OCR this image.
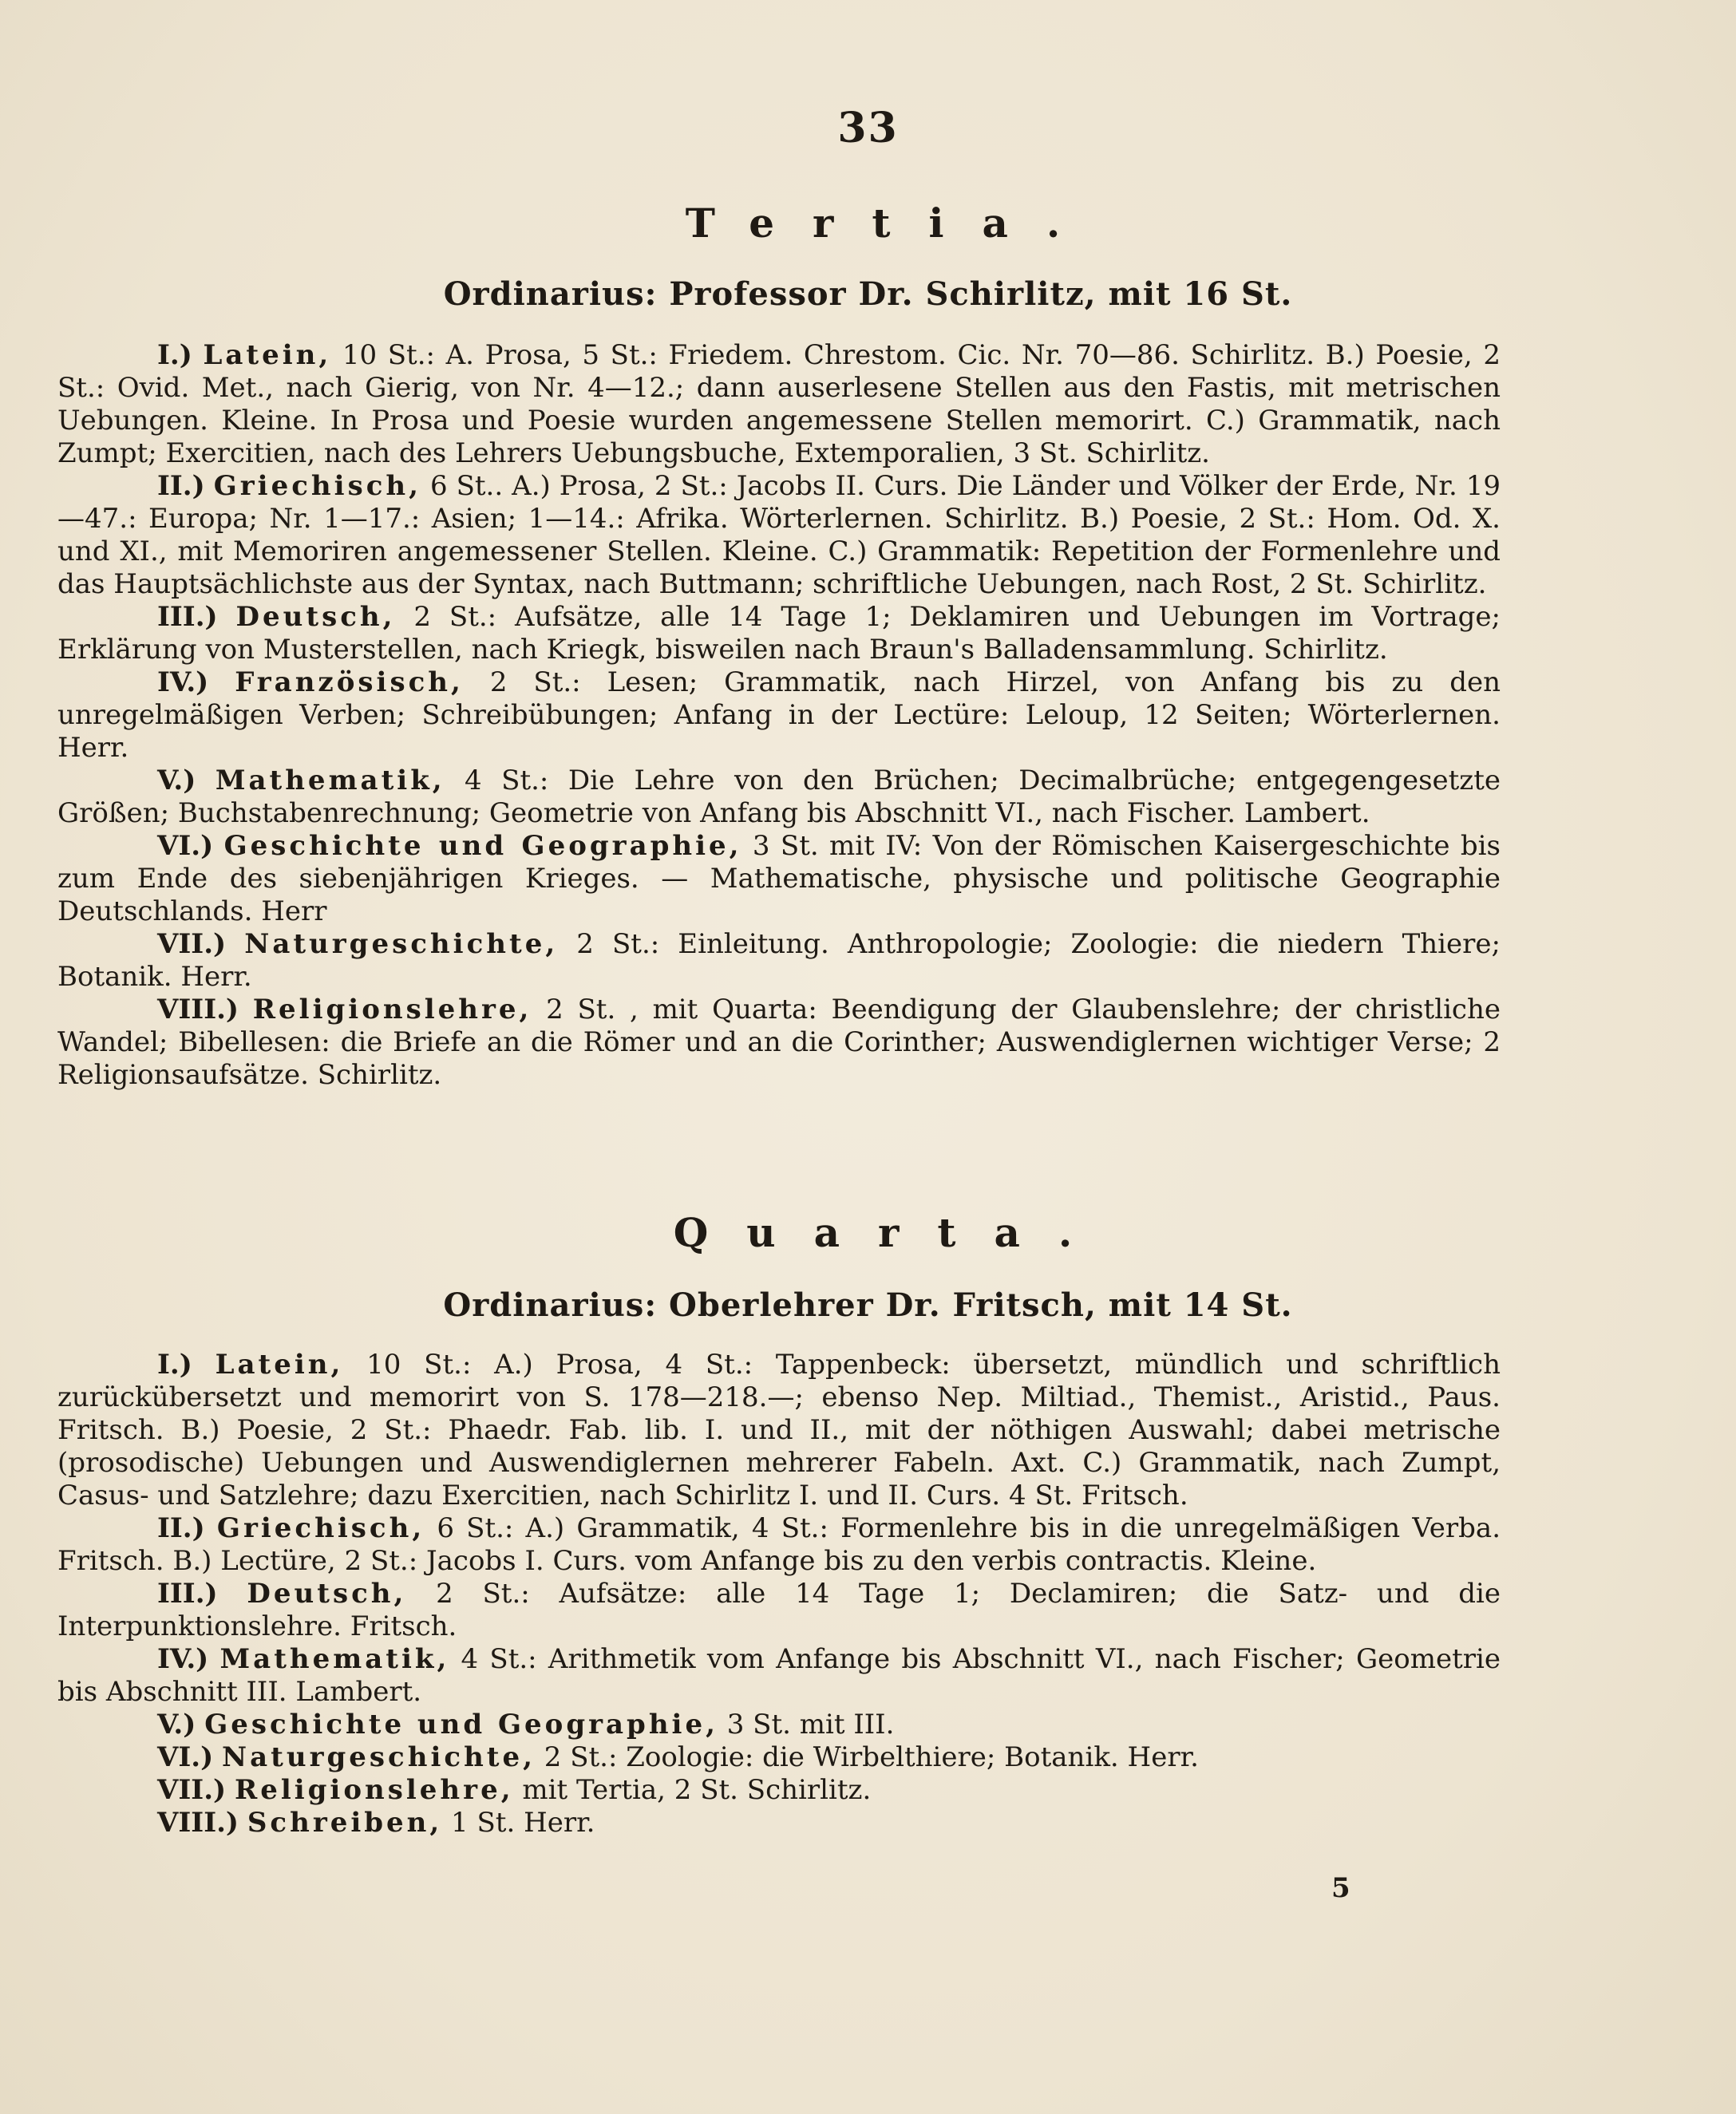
33
Tertia.
Ordinarius: Professor Dr. Schirlitz, mit 16 St.

I.) Latein, 10 St.: A. Prosa, 5 St.: Friedem. Chrestom. Cic. Nr. 70—86. Schirlitz. B.) Poesie, 2 St.: Ovid. Met., nach Gierig, von Nr. 4—12.; dann auserlesene Stellen aus den Fastis, mit metrischen Uebungen. Kleine. In Prosa und Poesie wurden angemessene Stellen memorirt. C.) Grammatik, nach Zumpt; Exercitien, nach des Lehrers Uebungsbuche, Extemporalien, 3 St. Schirlitz.

II.) Griechisch, 6 St.. A.) Prosa, 2 St.: Jacobs II. Curs. Die Länder und Völker der Erde, Nr. 19—47.: Europa; Nr. 1—17.: Asien; 1—14.: Afrika. Wörterlernen. Schirlitz. B.) Poesie, 2 St.: Hom. Od. X. und XI., mit Memoriren angemessener Stellen. Kleine. C.) Grammatik: Repetition der Formenlehre und das Hauptsächlichste aus der Syntax, nach Buttmann; schriftliche Uebungen, nach Rost, 2 St. Schirlitz.

III.) Deutsch, 2 St.: Aufsätze, alle 14 Tage 1; Deklamiren und Uebungen im Vortrage; Erklärung von Musterstellen, nach Kriegk, bisweilen nach Braun's Balladensammlung. Schirlitz.

IV.) Französisch, 2 St.: Lesen; Grammatik, nach Hirzel, von Anfang bis zu den unregelmäßigen Verben; Schreibübungen; Anfang in der Lectüre: Leloup, 12 Seiten; Wörterlernen. Herr.

V.) Mathematik, 4 St.: Die Lehre von den Brüchen; Decimalbrüche; entgegengesetzte Größen; Buchstabenrechnung; Geometrie von Anfang bis Abschnitt VI., nach Fischer. Lambert.

VI.) Geschichte und Geographie, 3 St. mit IV: Von der Römischen Kaisergeschichte bis zum Ende des siebenjährigen Krieges. — Mathematische, physische und politische Geographie Deutschlands. Herr

VII.) Naturgeschichte, 2 St.: Einleitung. Anthropologie; Zoologie: die niedern Thiere; Botanik. Herr.

VIII.) Religionslehre, 2 St. , mit Quarta: Beendigung der Glaubenslehre; der christliche Wandel; Bibellesen: die Briefe an die Römer und an die Corinther; Auswendiglernen wichtiger Verse; 2 Religionsaufsätze. Schirlitz.

Quarta.
Ordinarius: Oberlehrer Dr. Fritsch, mit 14 St.

I.) Latein, 10 St.: A.) Prosa, 4 St.: Tappenbeck: übersetzt, mündlich und schriftlich zurückübersetzt und memorirt von S. 178—218.—; ebenso Nep. Miltiad., Themist., Aristid., Paus. Fritsch. B.) Poesie, 2 St.: Phaedr. Fab. lib. I. und II., mit der nöthigen Auswahl; dabei metrische (prosodische) Uebungen und Auswendiglernen mehrerer Fabeln. Axt. C.) Grammatik, nach Zumpt, Casus- und Satzlehre; dazu Exercitien, nach Schirlitz I. und II. Curs. 4 St. Fritsch.

II.) Griechisch, 6 St.: A.) Grammatik, 4 St.: Formenlehre bis in die unregelmäßigen Verba. Fritsch. B.) Lectüre, 2 St.: Jacobs I. Curs. vom Anfange bis zu den verbis contractis. Kleine.

III.) Deutsch, 2 St.: Aufsätze: alle 14 Tage 1; Declamiren; die Satz- und die Interpunktionslehre. Fritsch.

IV.) Mathematik, 4 St.: Arithmetik vom Anfange bis Abschnitt VI., nach Fischer; Geometrie bis Abschnitt III. Lambert.

V.) Geschichte und Geographie, 3 St. mit III.

VI.) Naturgeschichte, 2 St.: Zoologie: die Wirbelthiere; Botanik. Herr.

VII.) Religionslehre, mit Tertia, 2 St. Schirlitz.

VIII.) Schreiben, 1 St. Herr.

5
